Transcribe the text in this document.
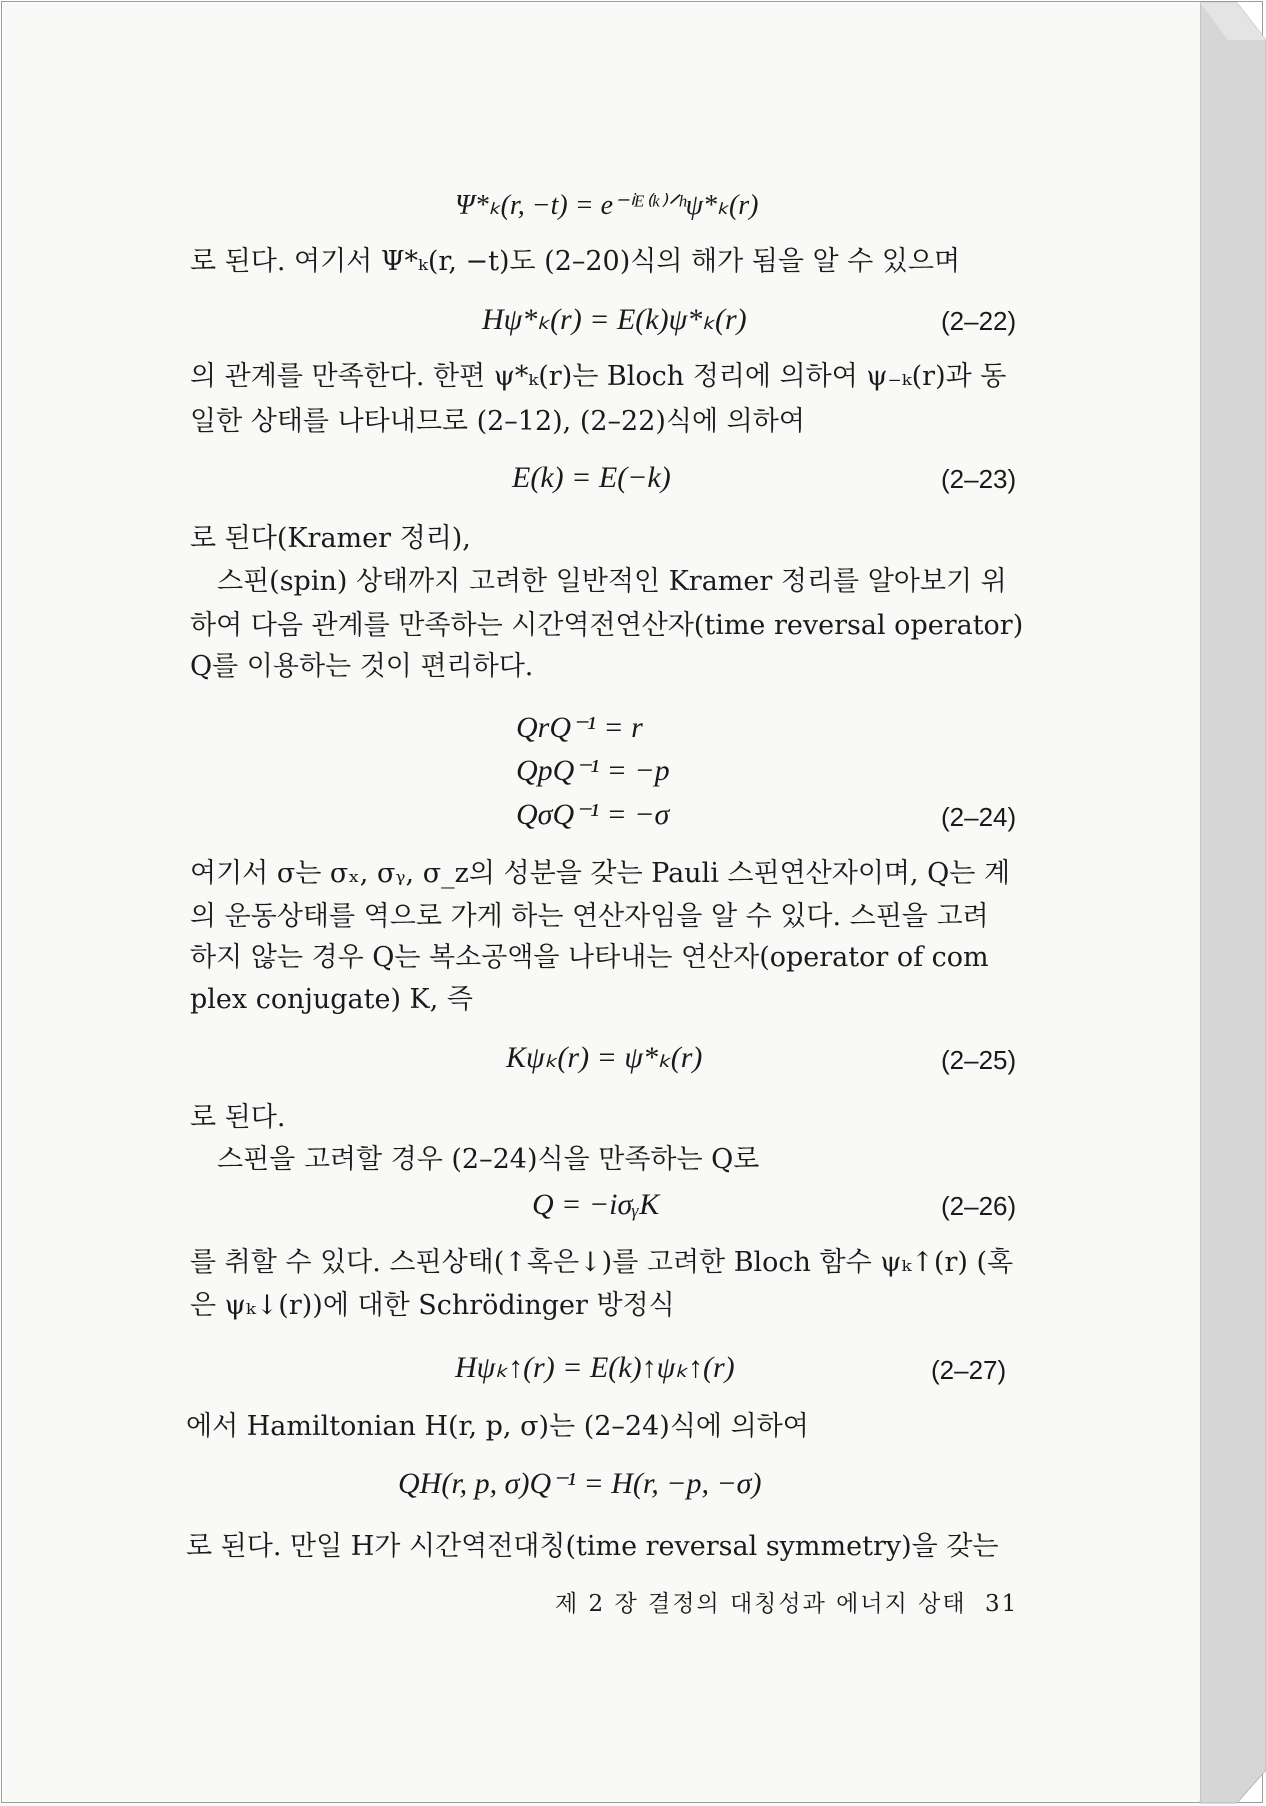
Ψ*ₖ(r, −t) = e⁻ⁱᴱ⁽ᵏ⁾ᐟʰψ*ₖ(r)
로 된다. 여기서 Ψ*ₖ(r, −t)도 (2–20)식의 해가 됨을 알 수 있으며
Hψ*ₖ(r) = E(k)ψ*ₖ(r)	(2–22)
의 관계를 만족한다. 한편 ψ*ₖ(r)는 Bloch 정리에 의하여 ψ₋ₖ(r)과 동
일한 상태를 나타내므로 (2–12), (2–22)식에 의하여
E(k) = E(−k)	(2–23)
로 된다(Kramer 정리),
스핀(spin) 상태까지 고려한 일반적인 Kramer 정리를 알아보기 위
하여 다음 관계를 만족하는 시간역전연산자(time reversal operator)
Q를 이용하는 것이 편리하다.
QrQ⁻¹ = r
QpQ⁻¹ = −p
QσQ⁻¹ = −σ	(2–24)
여기서 σ는 σₓ, σᵧ, σ_z의 성분을 갖는 Pauli 스핀연산자이며, Q는 계
의 운동상태를 역으로 가게 하는 연산자임을 알 수 있다. 스핀을 고려
하지 않는 경우 Q는 복소공액을 나타내는 연산자(operator of com
plex conjugate) K, 즉
Kψₖ(r) = ψ*ₖ(r)	(2–25)
로 된다.
스핀을 고려할 경우 (2–24)식을 만족하는 Q로
Q = −iσᵧK	(2–26)
를 취할 수 있다. 스핀상태(↑혹은↓)를 고려한 Bloch 함수 ψₖ↑(r) (혹
은 ψₖ↓(r))에 대한 Schrödinger 방정식
Hψₖ↑(r) = E(k)↑ψₖ↑(r)	(2–27)
에서 Hamiltonian H(r, p, σ)는 (2–24)식에 의하여
QH(r, p, σ)Q⁻¹ = H(r, −p, −σ)
로 된다. 만일 H가 시간역전대칭(time reversal symmetry)을 갖는
제 2 장 결정의 대칭성과 에너지 상태 31
